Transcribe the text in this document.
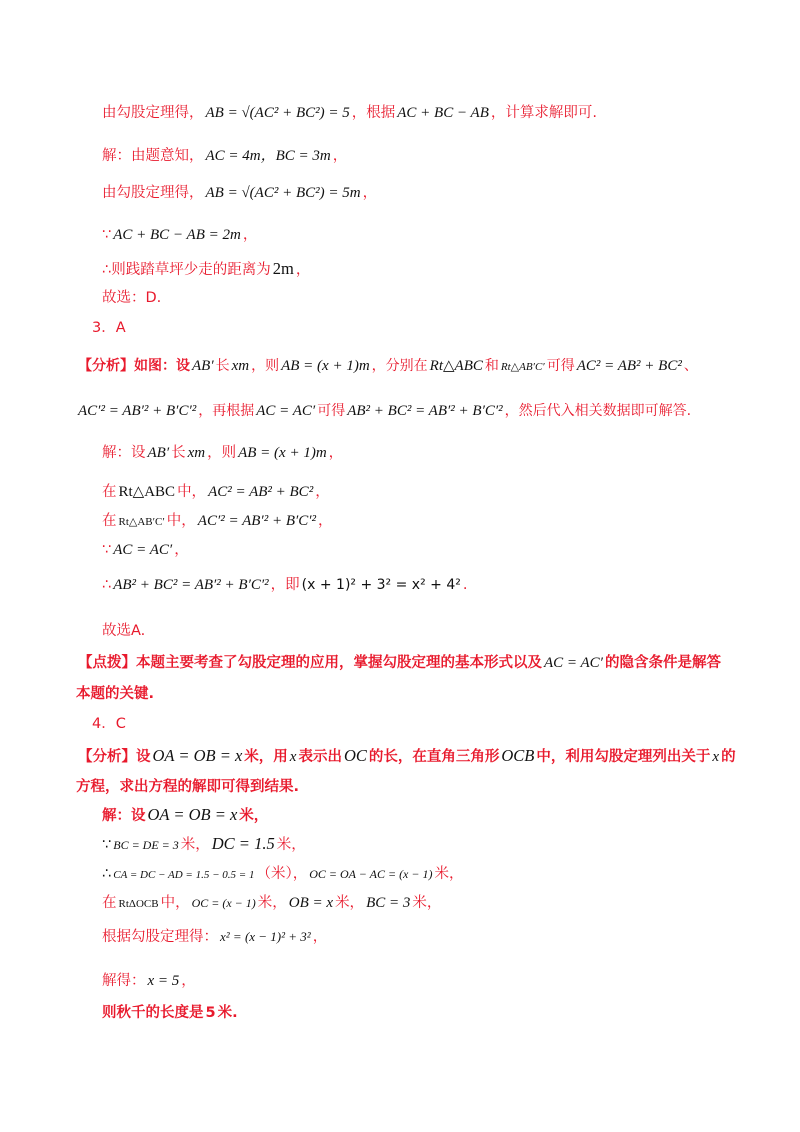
由勾股定理得， AB = √(AC² + BC²) = 5 ，根据 AC + BC − AB ，计算求解即可.
解：由题意知， AC = 4m，BC = 3m ，
由勾股定理得， AB = √(AC² + BC²) = 5m ，
∵ AC + BC − AB = 2m ，
∴则践踏草坪少走的距离为 2m ，
故选：D.
3．A
【分析】如图：设 AB′ 长 xm ，则 AB = (x + 1)m ，分别在 Rt△ABC 和 Rt△AB′C′ 可得 AC² = AB² + BC² 、
AC′² = AB′² + B′C′² ，再根据 AC = AC′ 可得 AB² + BC² = AB′² + B′C′² ，然后代入相关数据即可解答.
解：设 AB′ 长 xm ，则 AB = (x + 1)m ，
在 Rt△ABC 中， AC² = AB² + BC² ，
在 Rt△AB′C′ 中， AC′² = AB′² + B′C′² ，
∵ AC = AC′ ，
∴ AB² + BC² = AB′² + B′C′² ，即 (x + 1)² + 3² = x² + 4² .
故选A.
【点拨】本题主要考查了勾股定理的应用，掌握勾股定理的基本形式以及 AC = AC′ 的隐含条件是解答
本题的关键.
4．C
【分析】设 OA = OB = x 米，用 x 表示出 OC 的长，在直角三角形 OCB 中，利用勾股定理列出关于 x 的
方程，求出方程的解即可得到结果.
解：设 OA = OB = x 米，
∵ BC = DE = 3 米， DC = 1.5 米，
∴ CA = DC − AD = 1.5 − 0.5 = 1 （米）， OC = OA − AC = (x − 1) 米，
在 RtΔOCB 中， OC = (x − 1) 米， OB = x 米， BC = 3 米，
根据勾股定理得： x² = (x − 1)² + 3² ，
解得： x = 5 ，
则秋千的长度是 5 米.
